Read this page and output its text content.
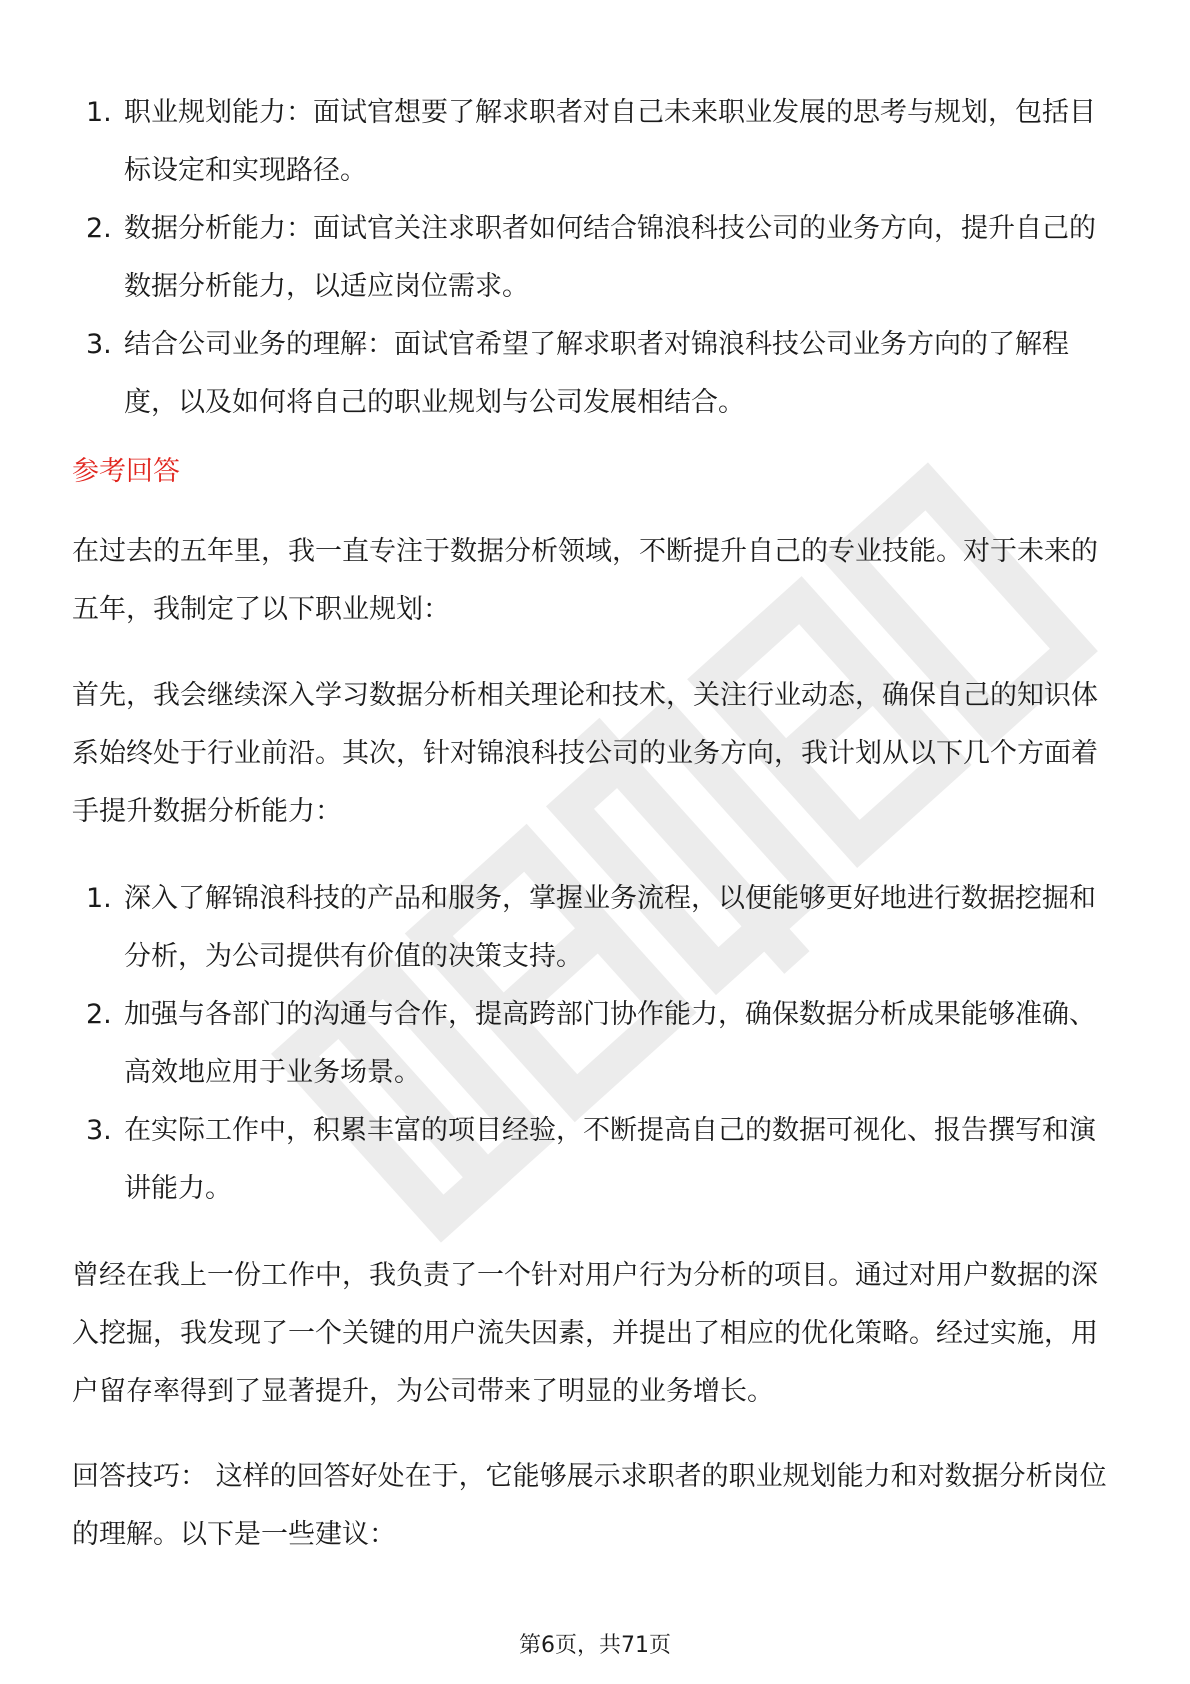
1. 职业规划能力：面试官想要了解求职者对自己未来职业发展的思考与规划，包括目标设定和实现路径。
2. 数据分析能力：面试官关注求职者如何结合锦浪科技公司的业务方向，提升自己的数据分析能力，以适应岗位需求。
3. 结合公司业务的理解：面试官希望了解求职者对锦浪科技公司业务方向的了解程度，以及如何将自己的职业规划与公司发展相结合。
参考回答

在过去的五年里，我一直专注于数据分析领域，不断提升自己的专业技能。对于未来的五年，我制定了以下职业规划：

首先，我会继续深入学习数据分析相关理论和技术，关注行业动态，确保自己的知识体系始终处于行业前沿。其次，针对锦浪科技公司的业务方向，我计划从以下几个方面着手提升数据分析能力：

1. 深入了解锦浪科技的产品和服务，掌握业务流程，以便能够更好地进行数据挖掘和分析，为公司提供有价值的决策支持。
2. 加强与各部门的沟通与合作，提高跨部门协作能力，确保数据分析成果能够准确、高效地应用于业务场景。
3. 在实际工作中，积累丰富的项目经验，不断提高自己的数据可视化、报告撰写和演讲能力。

曾经在我上一份工作中，我负责了一个针对用户行为分析的项目。通过对用户数据的深入挖掘，我发现了一个关键的用户流失因素，并提出了相应的优化策略。经过实施，用户留存率得到了显著提升，为公司带来了明显的业务增长。

回答技巧： 这样的回答好处在于，它能够展示求职者的职业规划能力和对数据分析岗位的理解。以下是一些建议：

第6页，共71页
